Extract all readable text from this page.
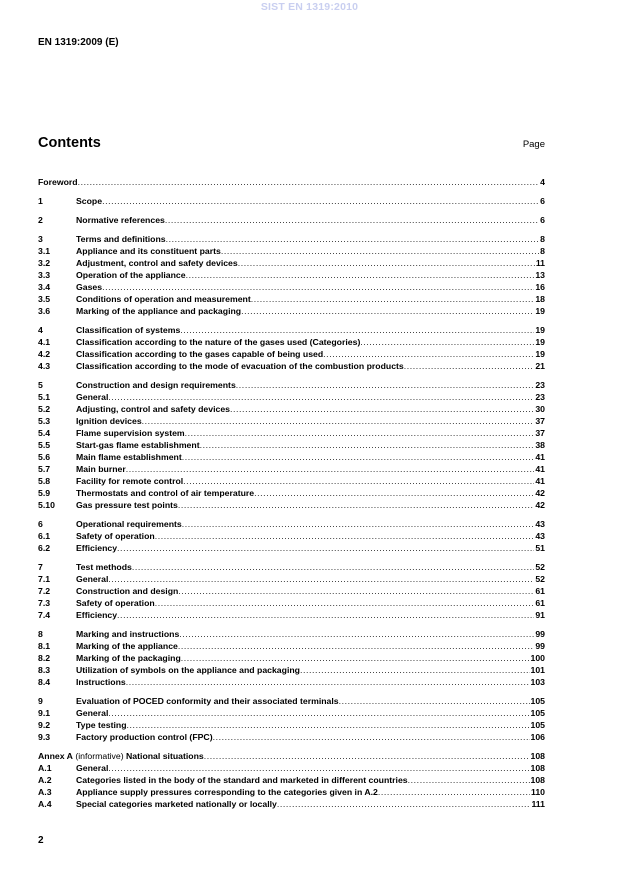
SIST EN 1319:2010
EN 1319:2009 (E)
Contents	Page
Foreword .....	4
1	Scope .....	6
2	Normative references .....	6
3	Terms and definitions .....	8
3.1	Appliance and its constituent parts .....	8
3.2	Adjustment, control and safety devices .....	11
3.3	Operation of the appliance .....	13
3.4	Gases .....	16
3.5	Conditions of operation and measurement .....	18
3.6	Marking of the appliance and packaging .....	19
4	Classification of systems .....	19
4.1	Classification according to the nature of the gases used (Categories) .....	19
4.2	Classification according to the gases capable of being used .....	19
4.3	Classification according to the mode of evacuation of the combustion products .....	21
5	Construction and design requirements .....	23
5.1	General .....	23
5.2	Adjusting, control and safety devices .....	30
5.3	Ignition devices .....	37
5.4	Flame supervision system .....	37
5.5	Start-gas flame establishment .....	38
5.6	Main flame establishment .....	41
5.7	Main burner .....	41
5.8	Facility for remote control .....	41
5.9	Thermostats and control of air temperature .....	42
5.10	Gas pressure test points .....	42
6	Operational requirements .....	43
6.1	Safety of operation .....	43
6.2	Efficiency .....	51
7	Test methods .....	52
7.1	General .....	52
7.2	Construction and design .....	61
7.3	Safety of operation .....	61
7.4	Efficiency .....	91
8	Marking and instructions .....	99
8.1	Marking of the appliance .....	99
8.2	Marking of the packaging .....	100
8.3	Utilization of symbols on the appliance and packaging .....	101
8.4	Instructions .....	103
9	Evaluation of POCED conformity and their associated terminals .....	105
9.1	General .....	105
9.2	Type testing .....	105
9.3	Factory production control (FPC) .....	106
Annex A (informative) National situations .....	108
A.1	General .....	108
A.2	Categories listed in the body of the standard and marketed in different countries .....	108
A.3	Appliance supply pressures corresponding to the categories given in A.2 .....	110
A.4	Special categories marketed nationally or locally .....	111
2
